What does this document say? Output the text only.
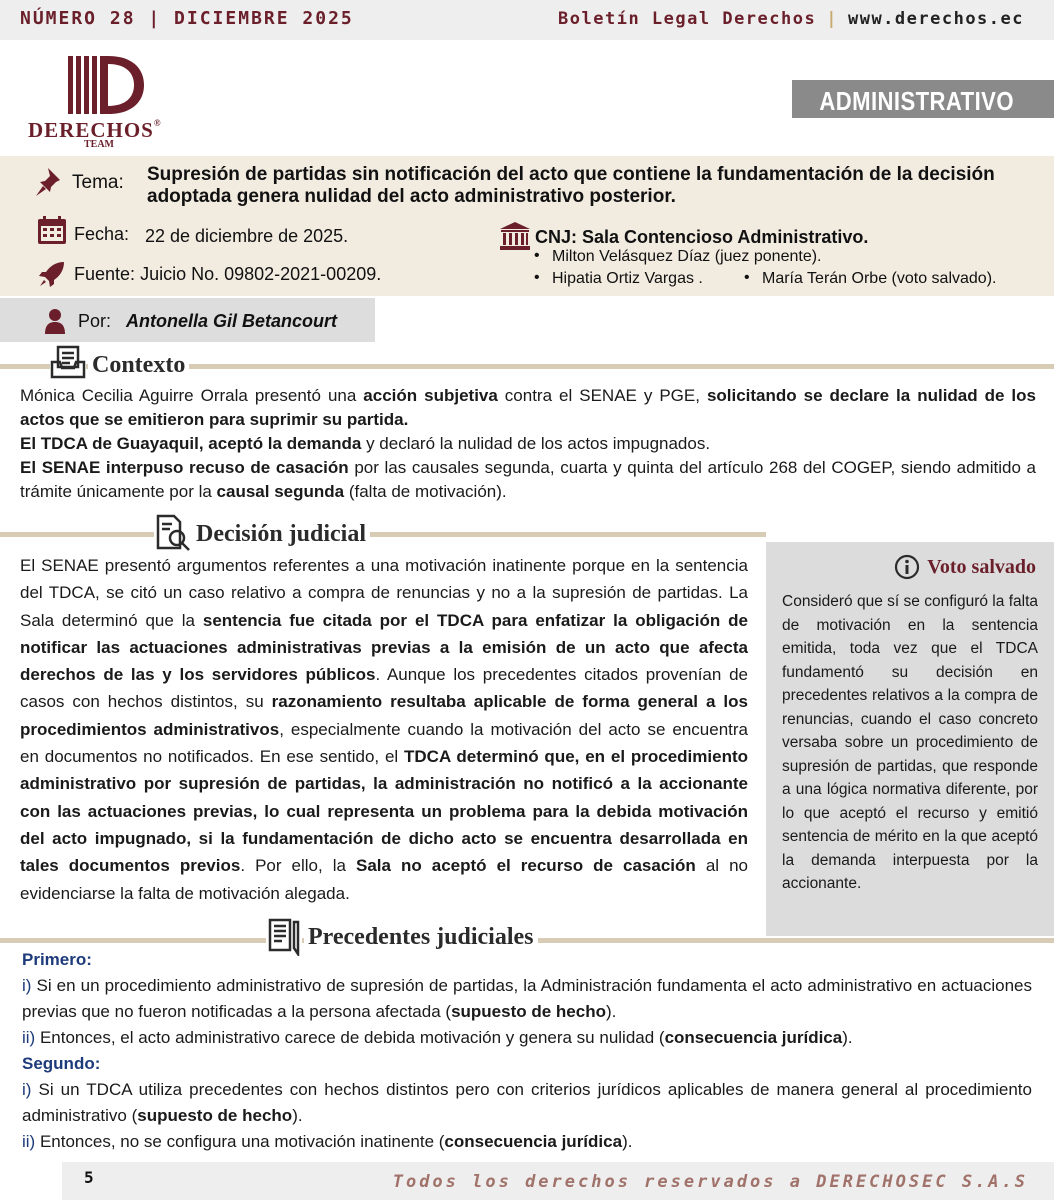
NÚMERO 28 | DICIEMBRE 2025	Boletín Legal Derechos | www.derechos.ec
DERECHOS®
TEAM
ADMINISTRATIVO
Tema: Supresión de partidas sin notificación del acto que contiene la fundamentación de la decisión adoptada genera nulidad del acto administrativo posterior.
Fecha: 22 de diciembre de 2025.
Fuente: Juicio No. 09802-2021-00209.
CNJ: Sala Contencioso Administrativo.
• Milton Velásquez Díaz (juez ponente).
• Hipatia Ortiz Vargas .
•	María Terán Orbe (voto salvado).
Por: Antonella Gil Betancourt
Contexto

Mónica Cecilia Aguirre Orrala presentó una acción subjetiva contra el SENAE y PGE, solicitando se declare la nulidad de los actos que se emitieron para suprimir su partida.

El TDCA de Guayaquil, aceptó la demanda y declaró la nulidad de los actos impugnados.

El SENAE interpuso recuso de casación por las causales segunda, cuarta y quinta del artículo 268 del COGEP, siendo admitido a trámite únicamente por la causal segunda (falta de motivación).

Decisión judicial

El SENAE presentó argumentos referentes a una motivación inatinente porque en la sentencia del TDCA, se citó un caso relativo a compra de renuncias y no a la supresión de partidas. La Sala determinó que la sentencia fue citada por el TDCA para enfatizar la obligación de notificar las actuaciones administrativas previas a la emisión de un acto que afecta derechos de las y los servidores públicos. Aunque los precedentes citados provenían de casos con hechos distintos, su razonamiento resultaba aplicable de forma general a los procedimientos administrativos, especialmente cuando la motivación del acto se encuentra en documentos no notificados. En ese sentido, el TDCA determinó que, en el procedimiento administrativo por supresión de partidas, la administración no notificó a la accionante con las actuaciones previas, lo cual representa un problema para la debida motivación del acto impugnado, si la fundamentación de dicho acto se encuentra desarrollada en tales documentos previos. Por ello, la Sala no aceptó el recurso de casación al no evidenciarse la falta de motivación alegada.

Voto salvado
Consideró que sí se configuró la falta de motivación en la sentencia emitida, toda vez que el TDCA fundamentó su decisión en precedentes relativos a la compra de renuncias, cuando el caso concreto versaba sobre un procedimiento de supresión de partidas, que responde a una lógica normativa diferente, por lo que aceptó el recurso y emitió sentencia de mérito en la que aceptó la demanda interpuesta por la accionante.
Precedentes judiciales

Primero:

i) Si en un procedimiento administrativo de supresión de partidas, la Administración fundamenta el acto administrativo en actuaciones previas que no fueron notificadas a la persona afectada (supuesto de hecho).

ii) Entonces, el acto administrativo carece de debida motivación y genera su nulidad (consecuencia jurídica).

Segundo:

i) Si un TDCA utiliza precedentes con hechos distintos pero con criterios jurídicos aplicables de manera general al procedimiento administrativo (supuesto de hecho).

ii) Entonces, no se configura una motivación inatinente (consecuencia jurídica).

5	Todos los derechos reservados a DERECHOSEC S.A.S
